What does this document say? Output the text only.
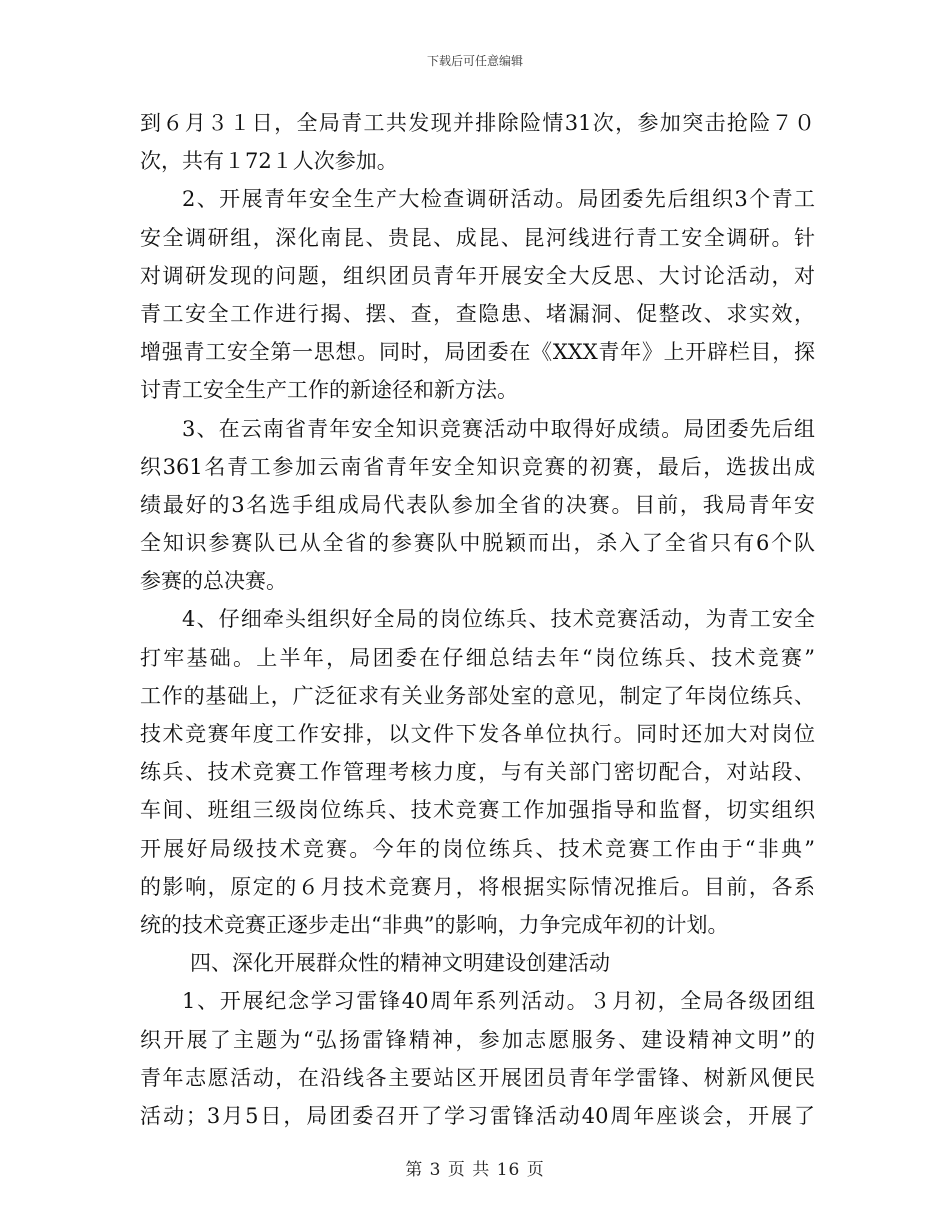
下载后可任意编辑
到６月３１日，全局青工共发现并排除险情31次，参加突击抢险７０
次，共有１72１人次参加。
2、开展青年安全生产大检查调研活动。局团委先后组织3个青工
安全调研组，深化南昆、贵昆、成昆、昆河线进行青工安全调研。针
对调研发现的问题，组织团员青年开展安全大反思、大讨论活动，对
青工安全工作进行揭、摆、查，查隐患、堵漏洞、促整改、求实效，
增强青工安全第一思想。同时，局团委在《XXX青年》上开辟栏目，探
讨青工安全生产工作的新途径和新方法。
3、在云南省青年安全知识竞赛活动中取得好成绩。局团委先后组
织361名青工参加云南省青年安全知识竞赛的初赛，最后，选拔出成
绩最好的3名选手组成局代表队参加全省的决赛。目前，我局青年安
全知识参赛队已从全省的参赛队中脱颖而出，杀入了全省只有6个队
参赛的总决赛。
4、仔细牵头组织好全局的岗位练兵、技术竞赛活动，为青工安全
打牢基础。上半年，局团委在仔细总结去年“岗位练兵、技术竞赛”
工作的基础上，广泛征求有关业务部处室的意见，制定了年岗位练兵、
技术竞赛年度工作安排，以文件下发各单位执行。同时还加大对岗位
练兵、技术竞赛工作管理考核力度，与有关部门密切配合，对站段、
车间、班组三级岗位练兵、技术竞赛工作加强指导和监督，切实组织
开展好局级技术竞赛。今年的岗位练兵、技术竞赛工作由于“非典”
的影响，原定的６月技术竞赛月，将根据实际情况推后。目前，各系
统的技术竞赛正逐步走出“非典”的影响，力争完成年初的计划。
四、深化开展群众性的精神文明建设创建活动
1、开展纪念学习雷锋40周年系列活动。３月初，全局各级团组
织开展了主题为“弘扬雷锋精神，参加志愿服务、建设精神文明”的
青年志愿活动，在沿线各主要站区开展团员青年学雷锋、树新风便民
活动；3月5日，局团委召开了学习雷锋活动40周年座谈会，开展了
第 3 页 共 16 页
